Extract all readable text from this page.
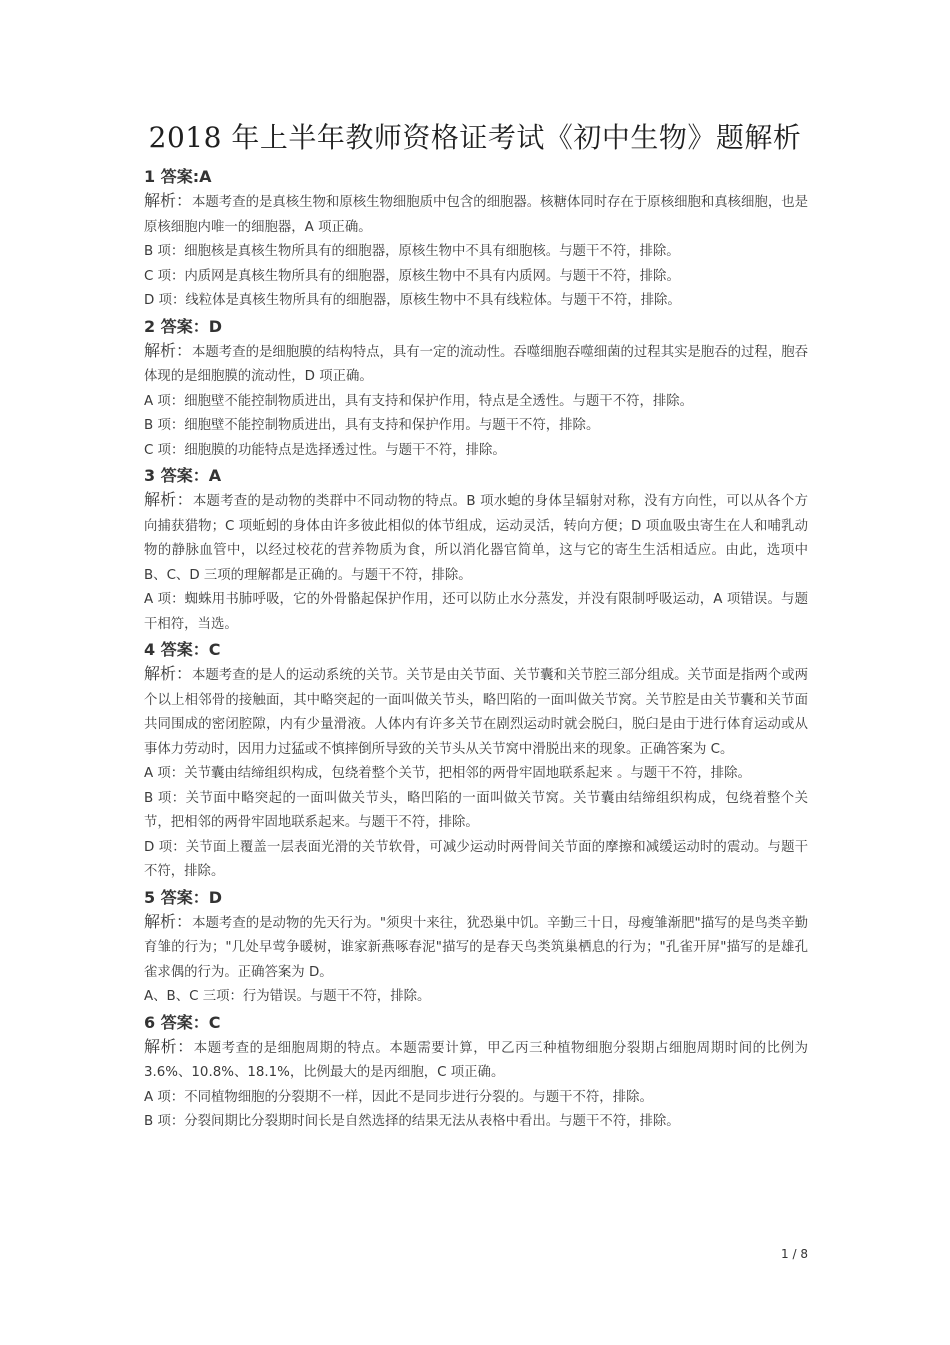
2018 年上半年教师资格证考试《初中生物》题解析

1 答案:A

解析：本题考查的是真核生物和原核生物细胞质中包含的细胞器。核糖体同时存在于原核细胞和真核细胞，也是原核细胞内唯一的细胞器，A 项正确。

B 项：细胞核是真核生物所具有的细胞器，原核生物中不具有细胞核。与题干不符，排除。

C 项：内质网是真核生物所具有的细胞器，原核生物中不具有内质网。与题干不符，排除。

D 项：线粒体是真核生物所具有的细胞器，原核生物中不具有线粒体。与题干不符，排除。

2 答案：D

解析：本题考查的是细胞膜的结构特点，具有一定的流动性。吞噬细胞吞噬细菌的过程其实是胞吞的过程，胞吞体现的是细胞膜的流动性，D 项正确。

A 项：细胞壁不能控制物质进出，具有支持和保护作用，特点是全透性。与题干不符，排除。

B 项：细胞壁不能控制物质进出，具有支持和保护作用。与题干不符，排除。

C 项：细胞膜的功能特点是选择透过性。与题干不符，排除。

3 答案：A

解析：本题考查的是动物的类群中不同动物的特点。B 项水螅的身体呈辐射对称，没有方向性，可以从各个方向捕获猎物；C 项蚯蚓的身体由许多彼此相似的体节组成，运动灵活，转向方便；D 项血吸虫寄生在人和哺乳动物的静脉血管中，以经过校花的营养物质为食，所以消化器官简单，这与它的寄生生活相适应。由此，选项中 B、C、D 三项的理解都是正确的。与题干不符，排除。

A 项：蜘蛛用书肺呼吸，它的外骨骼起保护作用，还可以防止水分蒸发，并没有限制呼吸运动，A 项错误。与题干相符，当选。

4 答案：C

解析：本题考查的是人的运动系统的关节。关节是由关节面、关节囊和关节腔三部分组成。关节面是指两个或两个以上相邻骨的接触面，其中略突起的一面叫做关节头，略凹陷的一面叫做关节窝。关节腔是由关节囊和关节面共同围成的密闭腔隙，内有少量滑液。人体内有许多关节在剧烈运动时就会脱臼，脱臼是由于进行体育运动或从事体力劳动时，因用力过猛或不慎摔倒所导致的关节头从关节窝中滑脱出来的现象。正确答案为 C。

A 项：关节囊由结缔组织构成，包绕着整个关节，把相邻的两骨牢固地联系起来 。与题干不符，排除。

B 项：关节面中略突起的一面叫做关节头，略凹陷的一面叫做关节窝。关节囊由结缔组织构成，包绕着整个关节，把相邻的两骨牢固地联系起来。与题干不符，排除。

D 项：关节面上覆盖一层表面光滑的关节软骨，可减少运动时两骨间关节面的摩擦和减缓运动时的震动。与题干不符，排除。

5 答案：D

解析：本题考查的是动物的先天行为。"须臾十来往，犹恐巢中饥。辛勤三十日，母瘦雏渐肥"描写的是鸟类辛勤育雏的行为；"几处早莺争暖树，谁家新燕啄春泥"描写的是春天鸟类筑巢栖息的行为；"孔雀开屏"描写的是雄孔雀求偶的行为。正确答案为 D。

A、B、C 三项：行为错误。与题干不符，排除。

6 答案：C

解析：本题考查的是细胞周期的特点。本题需要计算，甲乙丙三种植物细胞分裂期占细胞周期时间的比例为 3.6%、10.8%、18.1%，比例最大的是丙细胞，C 项正确。

A 项：不同植物细胞的分裂期不一样，因此不是同步进行分裂的。与题干不符，排除。

B 项：分裂间期比分裂期时间长是自然选择的结果无法从表格中看出。与题干不符，排除。

1 / 8
